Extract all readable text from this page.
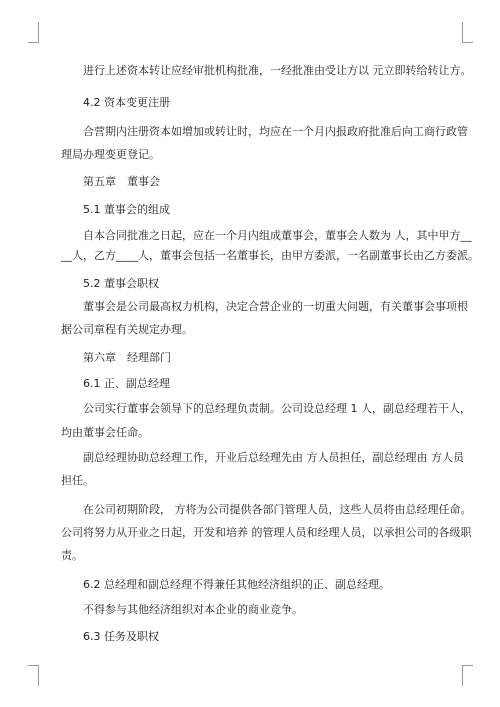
进行上述资本转让应经审批机构批准，一经批准由受让方以 元立即转给转让方。
4.2 资本变更注册
合营期内注册资本如增加或转让时，均应在一个月内报政府批准后向工商行政管
理局办理变更登记。
第五章　董事会
5.1 董事会的组成
自本合同批准之日起，应在一个月内组成董事会，董事会人数为 人，其中甲方__
__人，乙方____人，董事会包括一名董事长，由甲方委派，一名副董事长由乙方委派。
5.2 董事会职权
董事会是公司最高权力机构，决定合营企业的一切重大问题，有关董事会事项根
据公司章程有关规定办理。
第六章　经理部门
6.1 正、副总经理
公司实行董事会领导下的总经理负责制。公司设总经理 1 人，副总经理若干人，
均由董事会任命。
副总经理协助总经理工作，开业后总经理先由 方人员担任，副总经理由 方人员
担任。
在公司初期阶段， 方将为公司提供各部门管理人员，这些人员将由总经理任命。
公司将努力从开业之日起，开发和培养 的管理人员和经理人员，以承担公司的各级职
责。
6.2 总经理和副总经理不得兼任其他经济组织的正、副总经理。
不得参与其他经济组织对本企业的商业竞争。
6.3 任务及职权
